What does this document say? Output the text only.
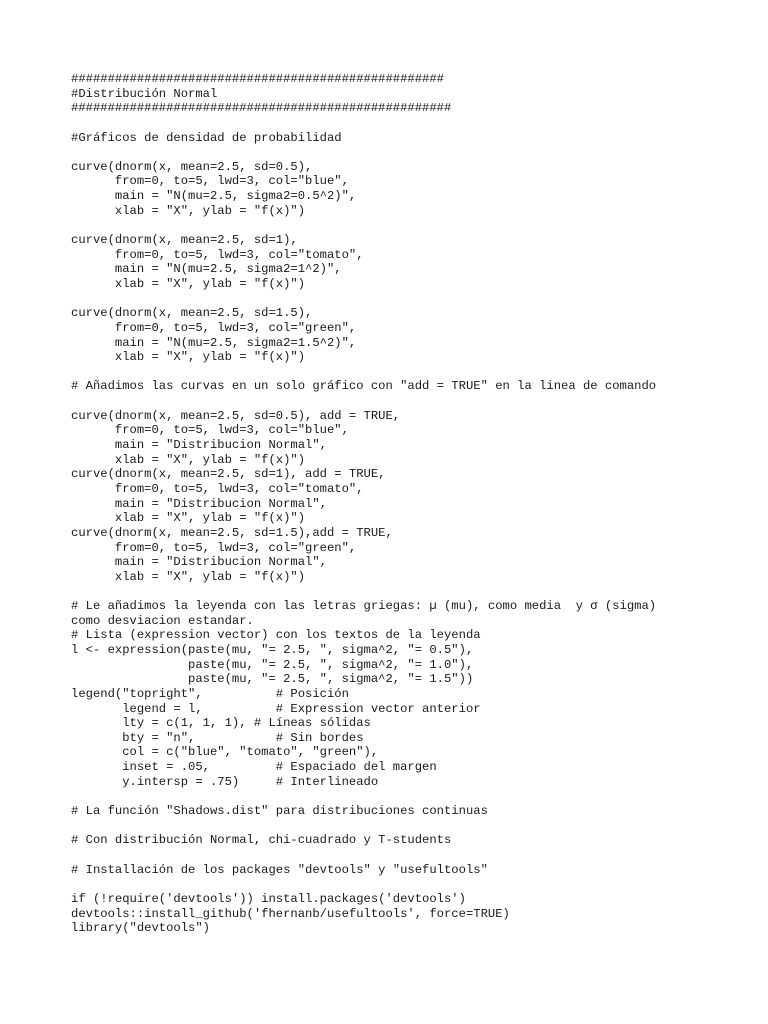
###################################################
#Distribución Normal
####################################################
#Gráficos de densidad de probabilidad
curve(dnorm(x, mean=2.5, sd=0.5),
from=0, to=5, lwd=3, col="blue",
main = "N(mu=2.5, sigma2=0.5^2)",
xlab = "X", ylab = "f(x)")
curve(dnorm(x, mean=2.5, sd=1),
from=0, to=5, lwd=3, col="tomato",
main = "N(mu=2.5, sigma2=1^2)",
xlab = "X", ylab = "f(x)")
curve(dnorm(x, mean=2.5, sd=1.5),
from=0, to=5, lwd=3, col="green",
main = "N(mu=2.5, sigma2=1.5^2)",
xlab = "X", ylab = "f(x)")
# Añadimos las curvas en un solo gráfico con "add = TRUE" en la linea de comando
curve(dnorm(x, mean=2.5, sd=0.5), add = TRUE,
from=0, to=5, lwd=3, col="blue",
main = "Distribucion Normal",
xlab = "X", ylab = "f(x)")
curve(dnorm(x, mean=2.5, sd=1), add = TRUE,
from=0, to=5, lwd=3, col="tomato",
main = "Distribucion Normal",
xlab = "X", ylab = "f(x)")
curve(dnorm(x, mean=2.5, sd=1.5),add = TRUE,
from=0, to=5, lwd=3, col="green",
main = "Distribucion Normal",
xlab = "X", ylab = "f(x)")
# Le añadimos la leyenda con las letras griegas: µ (mu), como media  y σ (sigma)
como desviacion estandar.
# Lista (expression vector) con los textos de la leyenda
l <- expression(paste(mu, "= 2.5, ", sigma^2, "= 0.5"),
paste(mu, "= 2.5, ", sigma^2, "= 1.0"),
paste(mu, "= 2.5, ", sigma^2, "= 1.5"))
legend("topright",          # Posición
legend = l,          # Expression vector anterior
lty = c(1, 1, 1), # Líneas sólidas
bty = "n",           # Sin bordes
col = c("blue", "tomato", "green"),
inset = .05,         # Espaciado del margen
y.intersp = .75)     # Interlineado
# La función "Shadows.dist" para distribuciones continuas
# Con distribución Normal, chi-cuadrado y T-students
# Installación de los packages "devtools" y "usefultools"
if (!require('devtools')) install.packages('devtools')
devtools::install_github('fhernanb/usefultools', force=TRUE)
library("devtools")
